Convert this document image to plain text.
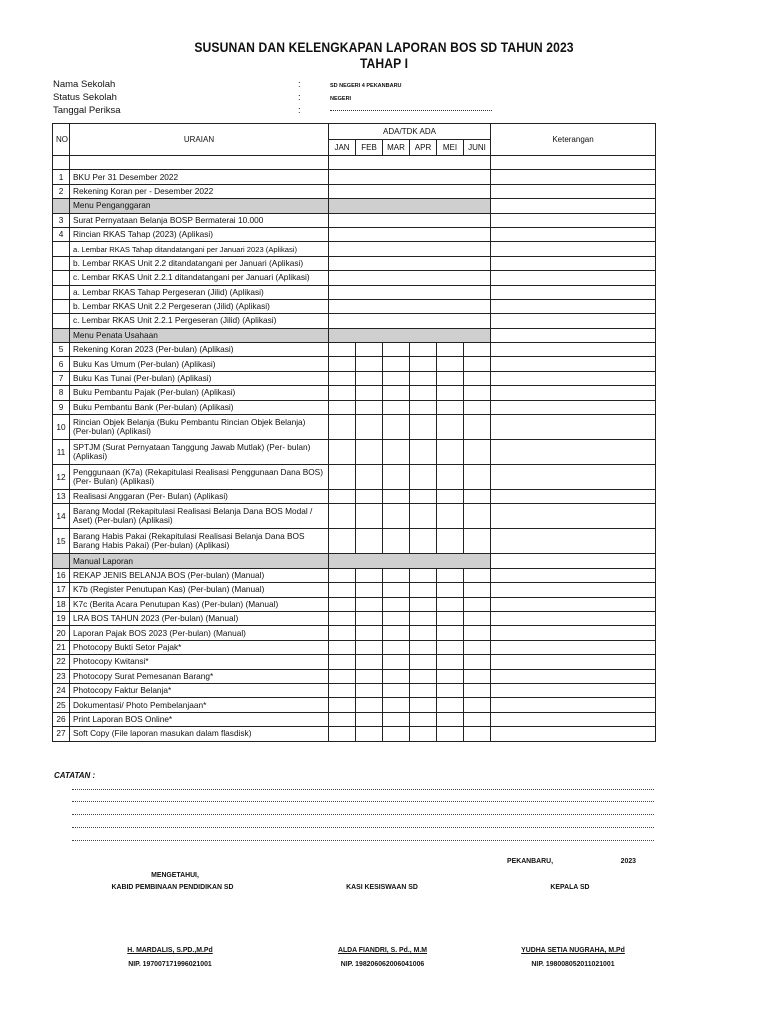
SUSUNAN DAN KELENGKAPAN LAPORAN BOS SD TAHUN 2023
TAHAP I
Nama Sekolah	:	SD NEGERI 4 PEKANBARU
Status Sekolah	:	NEGERI
Tanggal Periksa	:
NO	URAIAN	ADA/TDK ADA						Keterangan
		JAN	FEB	MAR	APR	MEI	JUNI	

1	BKU Per 31 Desember 2022							
2	Rekening Koran per - Desember 2022							
	Menu Penganggaran							
3	Surat Pernyataan Belanja BOSP Bermaterai 10.000							
4	Rincian RKAS Tahap (2023) (Aplikasi)							
	a. Lembar RKAS Tahap ditandatangani per Januari 2023 (Aplikasi)							
	b. Lembar RKAS Unit 2.2 ditandatangani per Januari (Aplikasi)							
	c. Lembar RKAS Unit 2.2.1 ditandatangani per Januari (Aplikasi)							
	a. Lembar RKAS Tahap Pergeseran (Jilid) (Aplikasi)							
	b. Lembar RKAS Unit 2.2 Pergeseran (Jilid) (Aplikasi)							
	c. Lembar RKAS Unit 2.2.1 Pergeseran (Jilid) (Aplikasi)							
	Menu Penata Usahaan							
5	Rekening Koran 2023 (Per-bulan) (Aplikasi)							
6	Buku Kas Umum (Per-bulan) (Aplikasi)							
7	Buku Kas Tunai (Per-bulan) (Aplikasi)							
8	Buku Pembantu Pajak (Per-bulan) (Aplikasi)							
9	Buku Pembantu Bank (Per-bulan) (Aplikasi)							
10	Rincian Objek Belanja (Buku Pembantu Rincian Objek Belanja) (Per-bulan) (Aplikasi)							
11	SPTJM (Surat Pernyataan Tanggung Jawab Mutlak) (Per- bulan) (Aplikasi)							
12	Penggunaan (K7a) (Rekapitulasi Realisasi Penggunaan Dana BOS) (Per- Bulan) (Aplikasi)							
13	Realisasi Anggaran (Per- Bulan) (Aplikasi)							
14	Barang Modal (Rekapitulasi Realisasi Belanja Dana BOS Modal / Aset) (Per-bulan) (Aplikasi)							
15	Barang Habis Pakai (Rekapitulasi Realisasi Belanja Dana BOS Barang Habis Pakai) (Per-bulan) (Aplikasi)							
	Manual Laporan							
16	REKAP JENIS BELANJA BOS (Per-bulan) (Manual)							
17	K7b (Register Penutupan Kas) (Per-bulan) (Manual)							
18	K7c (Berita Acara Penutupan Kas) (Per-bulan) (Manual)							
19	LRA BOS TAHUN 2023 (Per-bulan) (Manual)							
20	Laporan Pajak BOS 2023 (Per-bulan) (Manual)							
21	Photocopy Bukti Setor Pajak*							
22	Photocopy Kwitansi*							
23	Photocopy Surat Pemesanan Barang*							
24	Photocopy Faktur Belanja*							
25	Dokumentasi/ Photo Pembelanjaan*							
26	Print Laporan BOS Online*							
27	Soft Copy (File laporan masukan dalam flasdisk)							
CATATAN :
PEKANBARU,	2023
MENGETAHUI,
KABID PEMBINAAN PENDIDIKAN SD	KASI KESISWAAN SD	KEPALA SD
H. MARDALIS, S.PD.,M.Pd
NIP. 197007171996021001
ALDA FIANDRI, S. Pd., M.M
NIP. 198206062006041006
YUDHA SETIA NUGRAHA, M.Pd
NIP. 198008052011021001
